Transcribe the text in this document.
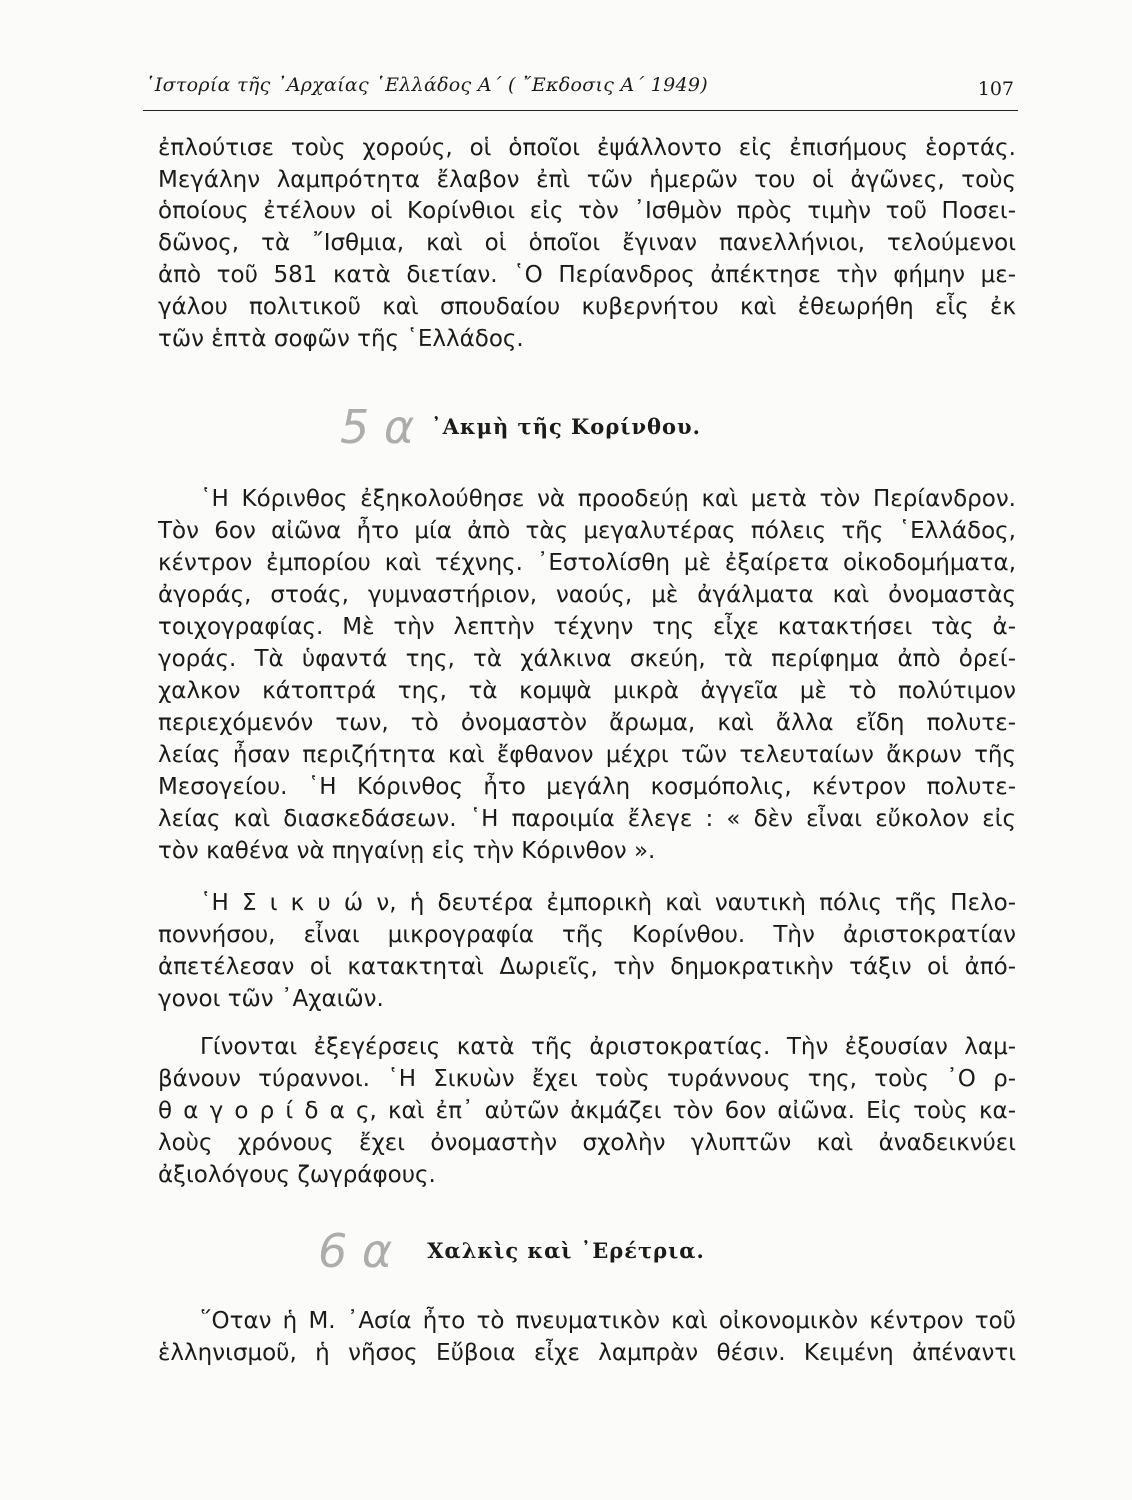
῾Ιστορία τῆς ᾿Αρχαίας ῾Ελλάδος Α΄ ( ῎Εκδοσις Α΄ 1949)	107

ἐπλούτισε τοὺς χορούς, οἱ ὁποῖοι ἐψάλλοντο εἰς ἐπισήμους ἑορτάς.

Μεγάλην λαμπρότητα ἔλαβον ἐπὶ τῶν ἡμερῶν του οἱ ἀγῶνες, τοὺς

ὁποίους ἐτέλουν οἱ Κορίνθιοι εἰς τὸν ᾿Ισθμὸν πρὸς τιμὴν τοῦ Ποσει-

δῶνος, τὰ ῎Ισθμια, καὶ οἱ ὁποῖοι ἔγιναν πανελλήνιοι, τελούμενοι

ἀπὸ τοῦ 581 κατὰ διετίαν. ῾Ο Περίανδρος ἀπέκτησε τὴν φήμην με-

γάλου πολιτικοῦ καὶ σπουδαίου κυβερνήτου καὶ ἐθεωρήθη εἷς ἐκ

τῶν ἑπτὰ σοφῶν τῆς ῾Ελλάδος.

5 α ᾿Ακμὴ τῆς Κορίνθου.

῾Η Κόρινθος ἐξηκολούθησε νὰ προοδεύῃ καὶ μετὰ τὸν Περίανδρον.

Τὸν 6ον αἰῶνα ἦτο μία ἀπὸ τὰς μεγαλυτέρας πόλεις τῆς ῾Ελλάδος,

κέντρον ἐμπορίου καὶ τέχνης. ᾿Εστολίσθη μὲ ἐξαίρετα οἰκοδομήματα,

ἀγοράς, στοάς, γυμναστήριον, ναούς, μὲ ἀγάλματα καὶ ὀνομαστὰς

τοιχογραφίας. Μὲ τὴν λεπτὴν τέχνην της εἶχε κατακτήσει τὰς ἀ-

γοράς. Τὰ ὑφαντά της, τὰ χάλκινα σκεύη, τὰ περίφημα ἀπὸ ὀρεί-

χαλκον κάτοπτρά της, τὰ κομψὰ μικρὰ ἀγγεῖα μὲ τὸ πολύτιμον

περιεχόμενόν των, τὸ ὀνομαστὸν ἄρωμα, καὶ ἄλλα εἴδη πολυτε-

λείας ἦσαν περιζήτητα καὶ ἔφθανον μέχρι τῶν τελευταίων ἄκρων τῆς

Μεσογείου. ῾Η Κόρινθος ἦτο μεγάλη κοσμόπολις, κέντρον πολυτε-

λείας καὶ διασκεδάσεων. ῾Η παροιμία ἔλεγε : « δὲν εἶναι εὔκολον εἰς

τὸν καθένα νὰ πηγαίνῃ εἰς τὴν Κόρινθον ».

῾Η Σ ι κ υ ώ ν, ἡ δευτέρα ἐμπορικὴ καὶ ναυτικὴ πόλις τῆς Πελο-

ποννήσου, εἶναι μικρογραφία τῆς Κορίνθου. Τὴν ἀριστοκρατίαν

ἀπετέλεσαν οἱ κατακτηταὶ Δωριεῖς, τὴν δημοκρατικὴν τάξιν οἱ ἀπό-

γονοι τῶν ᾿Αχαιῶν.

Γίνονται ἐξεγέρσεις κατὰ τῆς ἀριστοκρατίας. Τὴν ἐξουσίαν λαμ-

βάνουν τύραννοι. ῾Η Σικυὼν ἔχει τοὺς τυράννους της, τοὺς ᾿Ο ρ-

θ α γ ο ρ ί δ α ς, καὶ ἐπ᾿ αὐτῶν ἀκμάζει τὸν 6ον αἰῶνα. Εἰς τοὺς κα-

λοὺς χρόνους ἔχει ὀνομαστὴν σχολὴν γλυπτῶν καὶ ἀναδεικνύει

ἀξιολόγους ζωγράφους.

6 α	Χαλκὶς καὶ ᾿Ερέτρια.

῞Οταν ἡ Μ. ᾿Ασία ἦτο τὸ πνευματικὸν καὶ οἰκονομικὸν κέντρον τοῦ

ἑλληνισμοῦ, ἡ νῆσος Εὔβοια εἶχε λαμπρὰν θέσιν. Κειμένη ἀπέναντι
